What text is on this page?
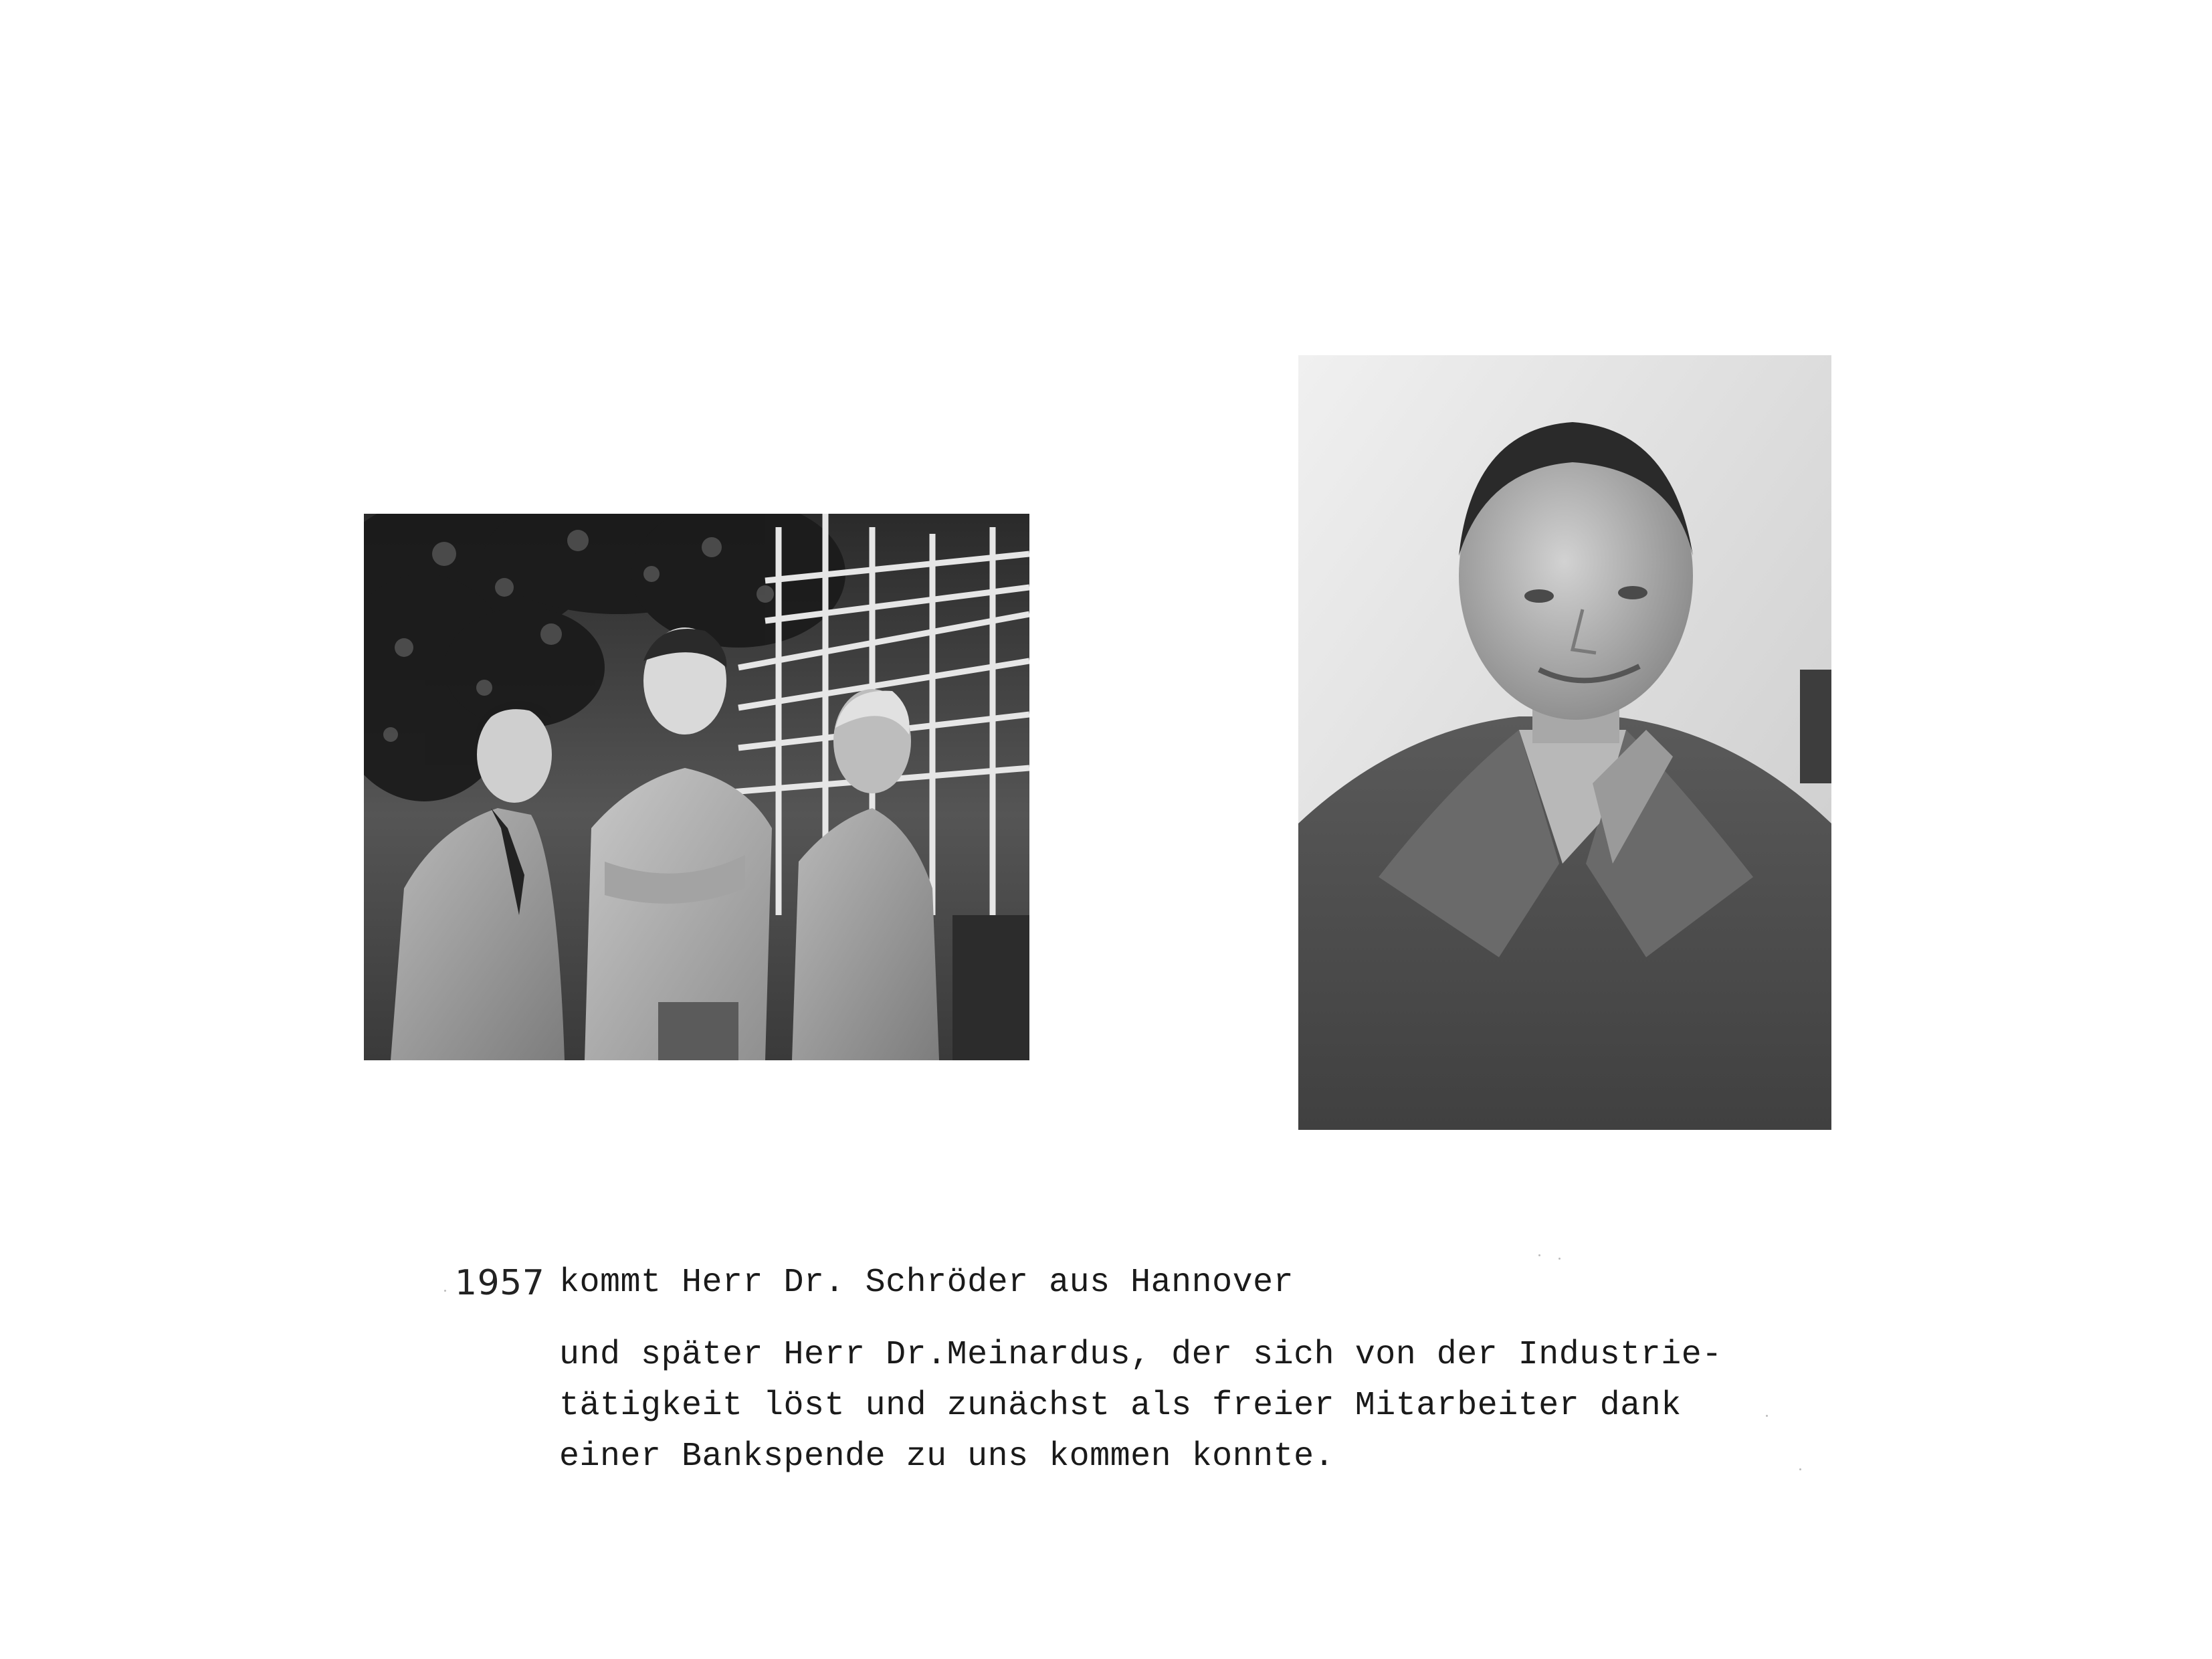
1957 kommt Herr Dr. Schröder aus Hannover
und später Herr Dr.Meinardus, der sich von der Industrie-
tätigkeit löst und zunächst als freier Mitarbeiter dank
einer Bankspende zu uns kommen konnte.
